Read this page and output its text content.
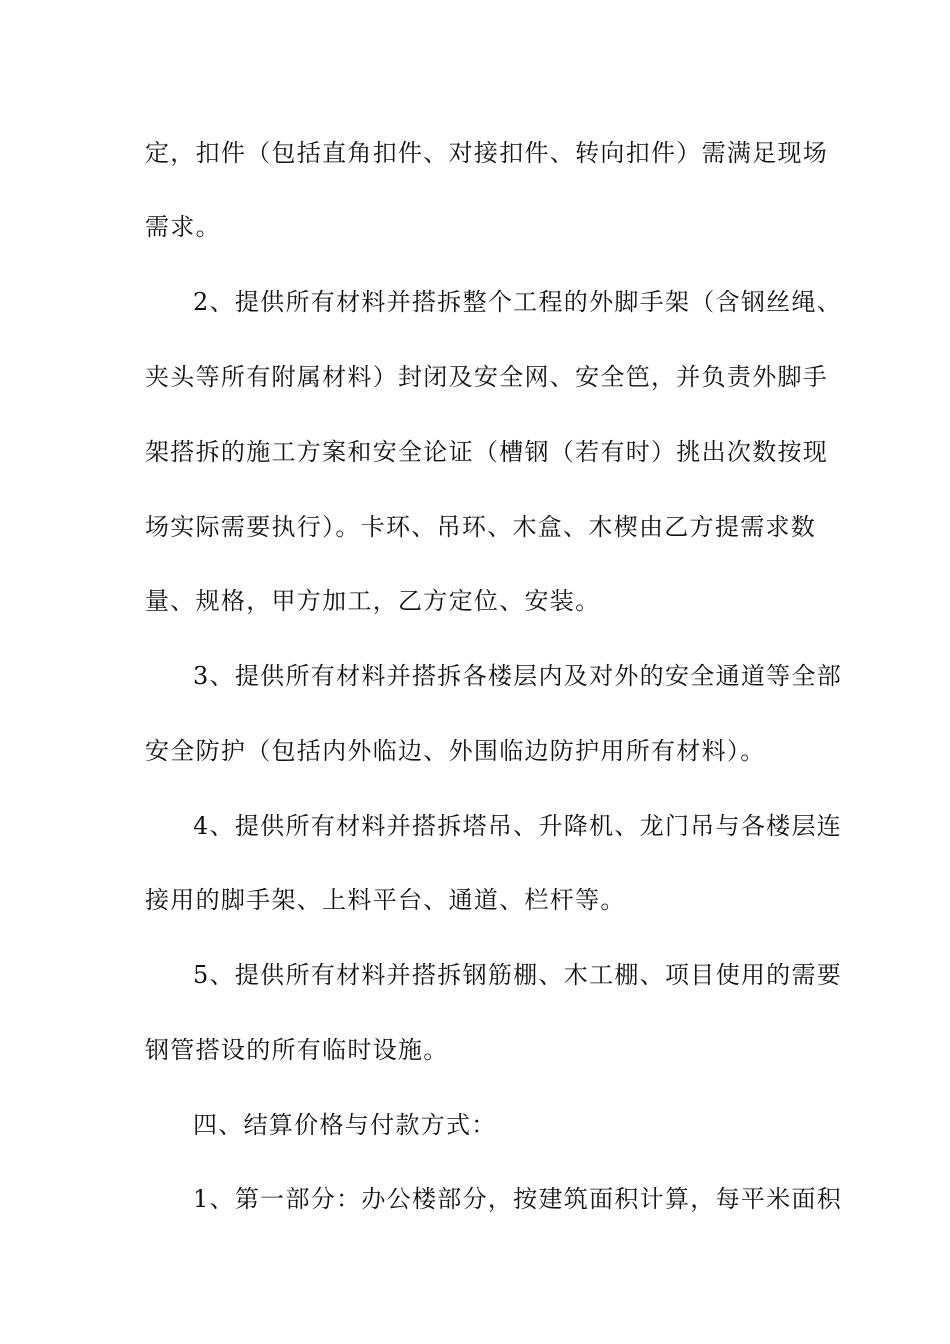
定，扣件（包括直角扣件、对接扣件、转向扣件）需满足现场
需求。
2、提供所有材料并搭拆整个工程的外脚手架（含钢丝绳、
夹头等所有附属材料）封闭及安全网、安全笆，并负责外脚手
架搭拆的施工方案和安全论证（槽钢（若有时）挑出次数按现
场实际需要执行）。卡环、吊环、木盒、木楔由乙方提需求数
量、规格，甲方加工，乙方定位、安装。
3、提供所有材料并搭拆各楼层内及对外的安全通道等全部
安全防护（包括内外临边、外围临边防护用所有材料）。
4、提供所有材料并搭拆塔吊、升降机、龙门吊与各楼层连
接用的脚手架、上料平台、通道、栏杆等。
5、提供所有材料并搭拆钢筋棚、木工棚、项目使用的需要
钢管搭设的所有临时设施。
四、结算价格与付款方式：
1、第一部分：办公楼部分，按建筑面积计算，每平米面积
